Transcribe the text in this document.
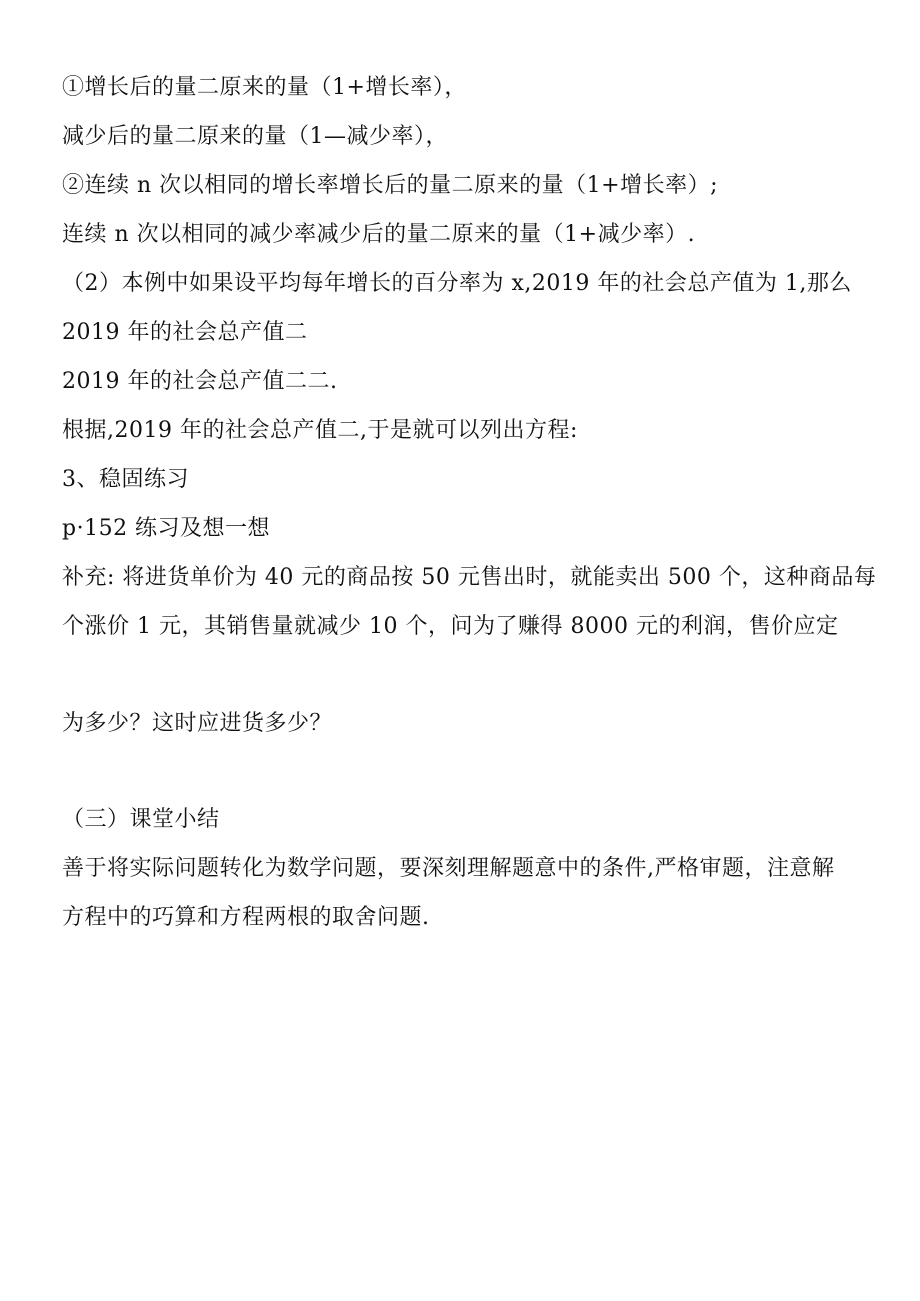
①增长后的量二原来的量（1+增长率），
减少后的量二原来的量（1—减少率），
②连续 n 次以相同的增长率增长后的量二原来的量（1+增长率）;
连续 n 次以相同的减少率减少后的量二原来的量（1+减少率）.
（2）本例中如果设平均每年增长的百分率为 x,2019 年的社会总产值为 1,那么
2019 年的社会总产值二
2019 年的社会总产值二二.
根据,2019 年的社会总产值二,于是就可以列出方程:
3、稳固练习
p·152 练习及想一想
补充: 将进货单价为 40 元的商品按 50 元售出时，就能卖出 500 个，这种商品每
个涨价 1 元，其销售量就减少 10 个，问为了赚得 8000 元的利润，售价应定
为多少？这时应进货多少？
（三）课堂小结
善于将实际问题转化为数学问题，要深刻理解题意中的条件,严格审题，注意解
方程中的巧算和方程两根的取舍问题.
